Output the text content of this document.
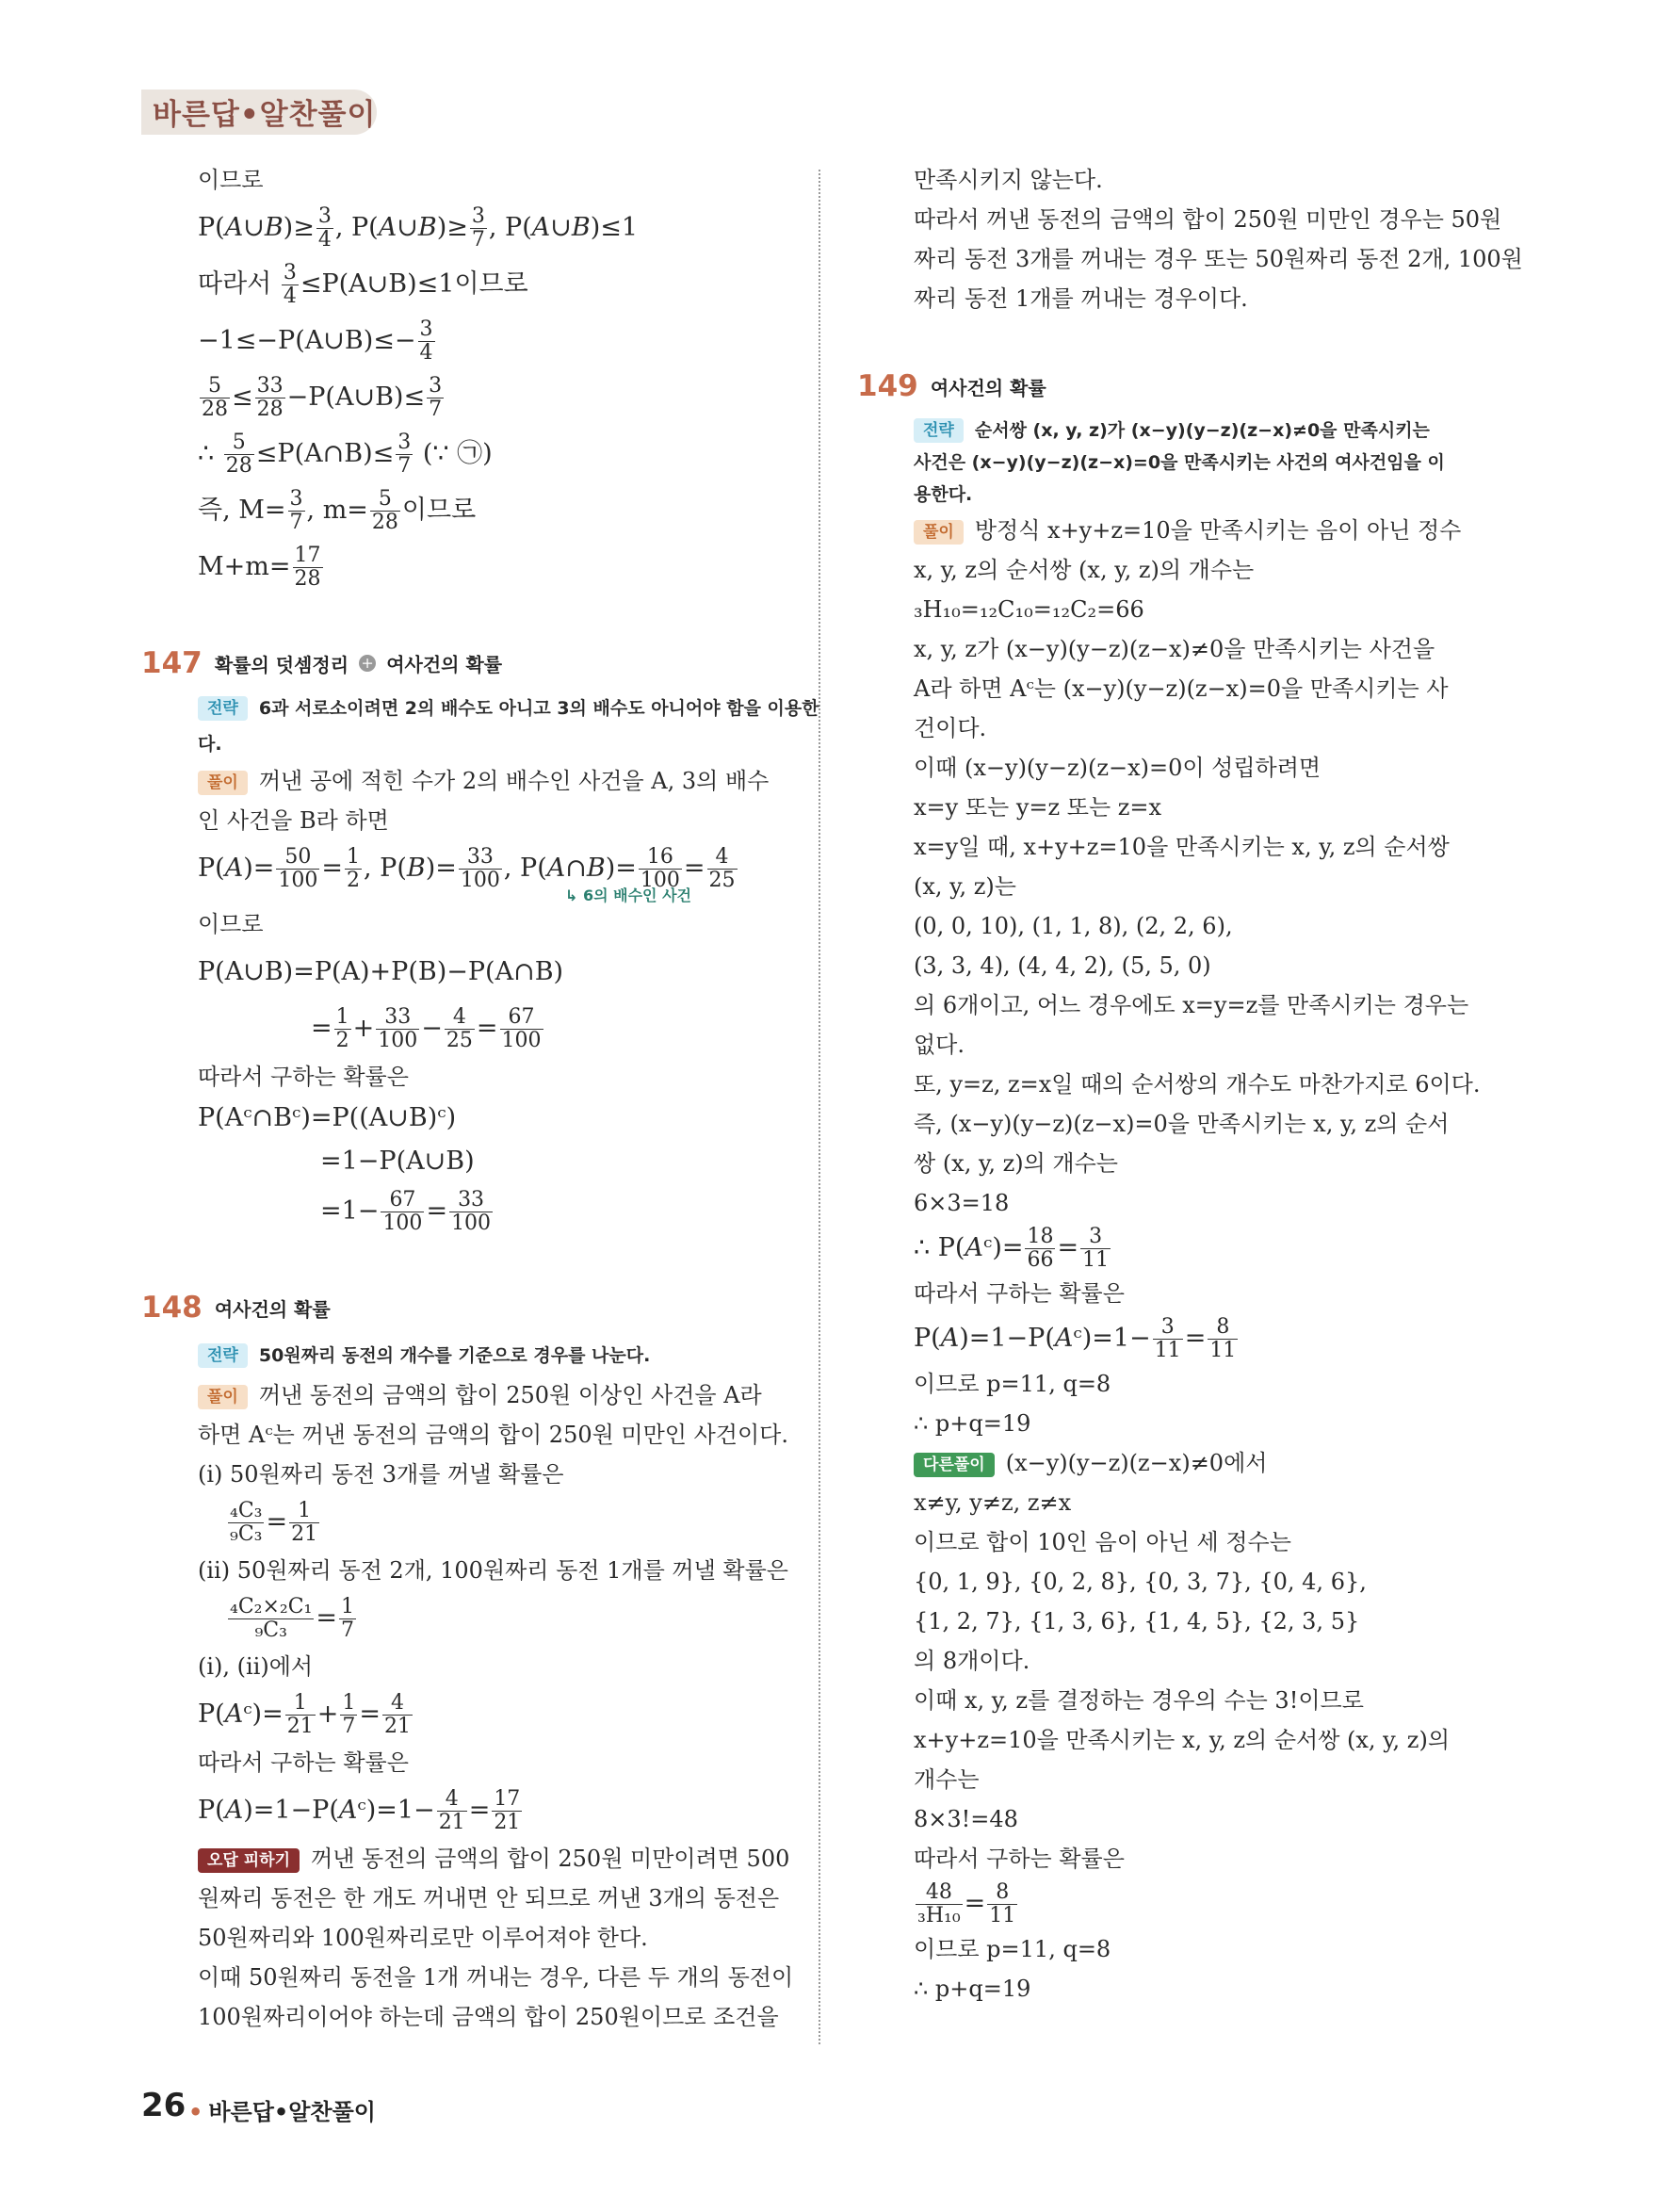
바른답•알찬풀이
이므로
P(A∪B)≥ $\frac{3}{4}$ , P(A∪B)≥ $\frac{3}{7}$ , P(A∪B)≤1
따라서 $\frac{3}{4}$ ≤P(A∪B)≤1이므로
−1≤−P(A∪B)≤− $\frac{3}{4}$
$\frac{5}{28} \le \frac{33}{28}$ −P(A∪B)≤ $\frac{3}{7}$
∴ $\frac{5}{28}$ ≤P(A∩B)≤ $\frac{3}{7}$ (∵ ㉠)
즉, $M= \frac{3}{7}$ , $m= \frac{5}{28}$ 이므로
$M+m= \frac{17}{28}$
147 확률의 덧셈정리 + 여사건의 확률
전략 6과 서로소이려면 2의 배수도 아니고 3의 배수도 아니어야 함을 이용한다.
풀이 꺼낸 공에 적힌 수가 2의 배수인 사건을 A, 3의 배수
인 사건을 B라 하면
$P(A)= \frac{50}{100} = \frac{1}{2}$ , $P(B)= \frac{33}{100}$ , P(A∩B)= $\frac{16}{100} = \frac{4}{25}$
↳ 6의 배수인 사건
이므로
P(A∪B)=P(A)+P(B)−P(A∩B)
= $\frac{1}{2} + \frac{33}{100} - \frac{4}{25} = \frac{67}{100}$
따라서 구하는 확률은
P(Aᶜ∩Bᶜ)=P((A∪B)ᶜ)
=1−P(A∪B)
$=1- \frac{67}{100} = \frac{33}{100}$
148 여사건의 확률
전략 50원짜리 동전의 개수를 기준으로 경우를 나눈다.
풀이 꺼낸 동전의 금액의 합이 250원 이상인 사건을 A라
하면 Aᶜ는 꺼낸 동전의 금액의 합이 250원 미만인 사건이다.
(ⅰ) 50원짜리 동전 3개를 꺼낼 확률은
$\frac{\text{₄C₃}}{\text{₉C₃}} = \frac{1}{21}$
(ⅱ) 50원짜리 동전 2개, 100원짜리 동전 1개를 꺼낼 확률은
$\frac{\text{₄C₂×₂C₁}}{\text{₉C₃}} = \frac{1}{7}$
(ⅰ), (ⅱ)에서
P(Aᶜ)= $\frac{1}{21} + \frac{1}{7} = \frac{4}{21}$
따라서 구하는 확률은
P(A)=1−P(Aᶜ)=1− $\frac{4}{21} = \frac{17}{21}$
오답 피하기 꺼낸 동전의 금액의 합이 250원 미만이려면 500
원짜리 동전은 한 개도 꺼내면 안 되므로 꺼낸 3개의 동전은
50원짜리와 100원짜리로만 이루어져야 한다.
이때 50원짜리 동전을 1개 꺼내는 경우, 다른 두 개의 동전이
100원짜리이어야 하는데 금액의 합이 250원이므로 조건을
만족시키지 않는다.
따라서 꺼낸 동전의 금액의 합이 250원 미만인 경우는 50원
짜리 동전 3개를 꺼내는 경우 또는 50원짜리 동전 2개, 100원
짜리 동전 1개를 꺼내는 경우이다.
149 여사건의 확률
전략 순서쌍 (x, y, z)가 (x−y)(y−z)(z−x)≠0을 만족시키는
사건은 (x−y)(y−z)(z−x)=0을 만족시키는 사건의 여사건임을 이
용한다.
풀이 방정식 x+y+z=10을 만족시키는 음이 아닌 정수
x, y, z의 순서쌍 (x, y, z)의 개수는
₃H₁₀=₁₂C₁₀=₁₂C₂=66
x, y, z가 (x−y)(y−z)(z−x)≠0을 만족시키는 사건을
A라 하면 Aᶜ는 (x−y)(y−z)(z−x)=0을 만족시키는 사
건이다.
이때 (x−y)(y−z)(z−x)=0이 성립하려면
x=y 또는 y=z 또는 z=x
x=y일 때, x+y+z=10을 만족시키는 x, y, z의 순서쌍
(x, y, z)는
(0, 0, 10), (1, 1, 8), (2, 2, 6),
(3, 3, 4), (4, 4, 2), (5, 5, 0)
의 6개이고, 어느 경우에도 x=y=z를 만족시키는 경우는
없다.
또, y=z, z=x일 때의 순서쌍의 개수도 마찬가지로 6이다.
즉, (x−y)(y−z)(z−x)=0을 만족시키는 x, y, z의 순서
쌍 (x, y, z)의 개수는
6×3=18
∴ P(Aᶜ)= $\frac{18}{66} = \frac{3}{11}$
따라서 구하는 확률은
P(A)=1−P(Aᶜ)=1− $\frac{3}{11} = \frac{8}{11}$
이므로 p=11, q=8
∴ p+q=19
다른풀이 (x−y)(y−z)(z−x)≠0에서
x≠y, y≠z, z≠x
이므로 합이 10인 음이 아닌 세 정수는
{0, 1, 9}, {0, 2, 8}, {0, 3, 7}, {0, 4, 6},
{1, 2, 7}, {1, 3, 6}, {1, 4, 5}, {2, 3, 5}
의 8개이다.
이때 x, y, z를 결정하는 경우의 수는 3!이므로
x+y+z=10을 만족시키는 x, y, z의 순서쌍 (x, y, z)의
개수는
8×3!=48
따라서 구하는 확률은
$\frac{48}{\text{₃H₁₀}} = \frac{8}{11}$
이므로 p=11, q=8
∴ p+q=19
26 • 바른답•알찬풀이
